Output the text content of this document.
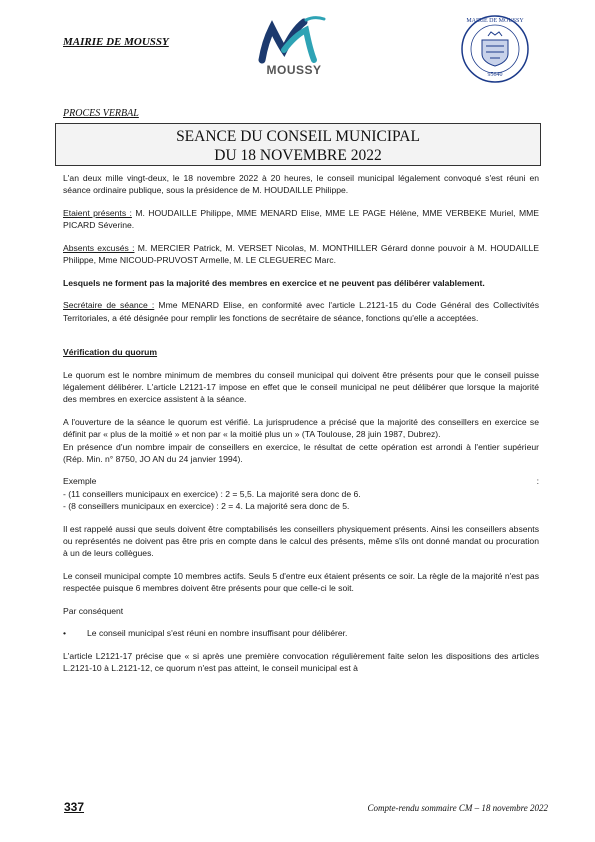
MAIRIE DE MOUSSY
MOUSSY
MAIRIE DE MOUSSY
95640
PROCES VERBAL
SEANCE DU CONSEIL MUNICIPAL
DU 18 NOVEMBRE 2022

L'an deux mille vingt-deux, le 18 novembre 2022 à 20 heures, le conseil municipal légalement convoqué s'est réuni en séance ordinaire publique, sous la présidence de M. HOUDAILLE Philippe.

Etaient présents : M. HOUDAILLE Philippe, MME MENARD Elise, MME LE PAGE Hélène, MME VERBEKE Muriel, MME PICARD Séverine.

Absents excusés : M. MERCIER Patrick, M. VERSET Nicolas, M. MONTHILLER Gérard donne pouvoir à M. HOUDAILLE Philippe, Mme NICOUD-PRUVOST Armelle, M. LE CLEGUEREC Marc.

Lesquels ne forment pas la majorité des membres en exercice et ne peuvent pas délibérer valablement.

Secrétaire de séance : Mme MENARD Elise, en conformité avec l'article L.2121-15 du Code Général des Collectivités Territoriales, a été désignée pour remplir les fonctions de secrétaire de séance, fonctions qu'elle a acceptées.

Vérification du quorum

Le quorum est le nombre minimum de membres du conseil municipal qui doivent être présents pour que le conseil puisse légalement délibérer. L'article L2121-17 impose en effet que le conseil municipal ne peut délibérer que lorsque la majorité des membres en exercice assistent à la séance.

A l'ouverture de la séance le quorum est vérifié. La jurisprudence a précisé que la majorité des conseillers en exercice se définit par « plus de la moitié » et non par « la moitié plus un » (TA Toulouse, 28 juin 1987, Dubrez).

En présence d'un nombre impair de conseillers en exercice, le résultat de cette opération est arrondi à l'entier supérieur (Rép. Min. n° 8750, JO AN du 24 janvier 1994).

Exemple	:
- (11 conseillers municipaux en exercice) : 2 = 5,5. La majorité sera donc de 6.
- (8 conseillers municipaux en exercice) : 2 = 4. La majorité sera donc de 5.

Il est rappelé aussi que seuls doivent être comptabilisés les conseillers physiquement présents. Ainsi les conseillers absents ou représentés ne doivent pas être pris en compte dans le calcul des présents, même s'ils ont donné mandat ou procuration à un de leurs collègues.

Le conseil municipal compte 10 membres actifs. Seuls 5 d'entre eux étaient présents ce soir. La règle de la majorité n'est pas respectée puisque 6 membres doivent être présents pour que celle-ci le soit.

Par conséquent

•	Le conseil municipal s'est réuni en nombre insuffisant pour délibérer.

L'article L2121-17 précise que « si après une première convocation régulièrement faite selon les dispositions des articles L.2121-10 à L.2121-12, ce quorum n'est pas atteint, le conseil municipal est à

337	Compte-rendu sommaire CM – 18 novembre 2022
